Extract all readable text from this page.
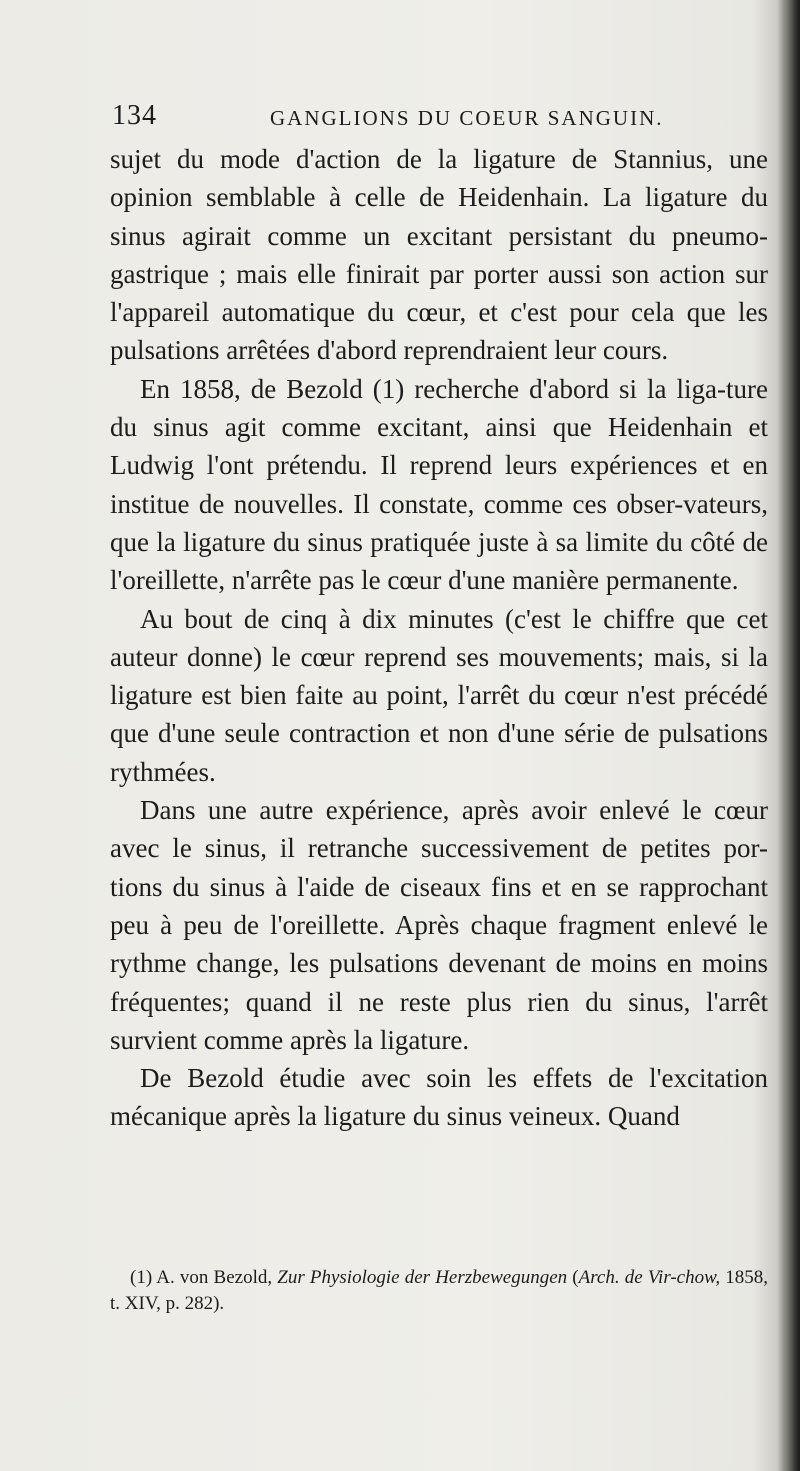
134	GANGLIONS DU COEUR SANGUIN.

sujet du mode d'action de la ligature de Stannius, une opinion semblable à celle de Heidenhain. La ligature du sinus agirait comme un excitant persistant du pneumo-gastrique ; mais elle finirait par porter aussi son action sur l'appareil automatique du cœur, et c'est pour cela que les pulsations arrêtées d'abord reprendraient leur cours.

En 1858, de Bezold (1) recherche d'abord si la liga-ture du sinus agit comme excitant, ainsi que Heidenhain et Ludwig l'ont prétendu. Il reprend leurs expériences et en institue de nouvelles. Il constate, comme ces obser-vateurs, que la ligature du sinus pratiquée juste à sa limite du côté de l'oreillette, n'arrête pas le cœur d'une manière permanente.

Au bout de cinq à dix minutes (c'est le chiffre que cet auteur donne) le cœur reprend ses mouvements; mais, si la ligature est bien faite au point, l'arrêt du cœur n'est précédé que d'une seule contraction et non d'une série de pulsations rythmées.

Dans une autre expérience, après avoir enlevé le cœur avec le sinus, il retranche successivement de petites por-tions du sinus à l'aide de ciseaux fins et en se rapprochant peu à peu de l'oreillette. Après chaque fragment enlevé le rythme change, les pulsations devenant de moins en moins fréquentes; quand il ne reste plus rien du sinus, l'arrêt survient comme après la ligature.

De Bezold étudie avec soin les effets de l'excitation mécanique après la ligature du sinus veineux. Quand

(1) A. von Bezold, Zur Physiologie der Herzbewegungen (Arch. de Vir-chow, 1858, t. XIV, p. 282).
